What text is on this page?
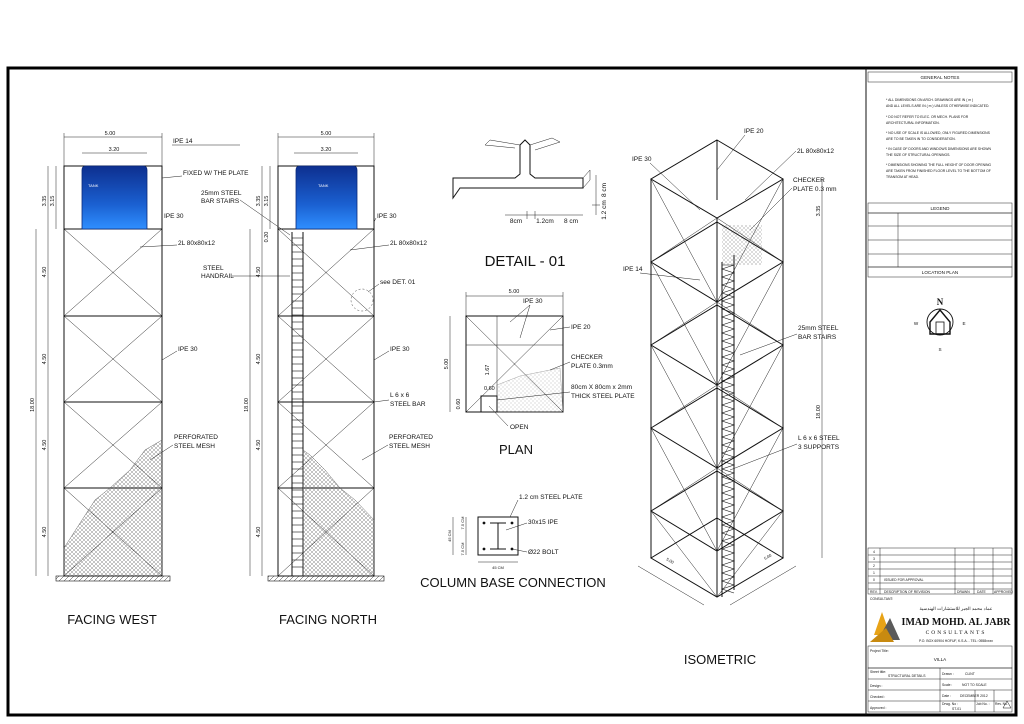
5.00
3.20
TANK
3.35 3.15
4.50
4.50
4.50
4.50
18.00
IPE 14
FIXED W/ THE PLATE
IPE 30
2L 80x80x12
IPE 30
PERFORATED
STEEL MESH
FACING WEST
5.00
3.20
TANK
3.35 3.15
0.20
4.50
4.50
4.50
4.50
18.00
25mm STEEL
BAR STAIRS
STEEL
HANDRAIL
IPE 30
2L 80x80x12
see DET. 01
IPE 30
L 6 x 6
STEEL BAR
PERFORATED
STEEL MESH
FACING NORTH
8cm 1.2cm 8 cm
1.2 cm
8 cm
DETAIL - 01
5.00
5.00
1.67
0.60
0.60
IPE 30
IPE 20
CHECKER
PLATE 0.3mm
80cm X 80cm x 2mm
THICK STEEL PLATE
OPEN
PLAN
7.5 CM
7.5 CM
45 CM
45 CM
1.2 cm STEEL PLATE
30x15 IPE
Ø22 BOLT
COLUMN BASE CONNECTION
IPE 20
IPE 30
2L 80x80x12
CHECKER
PLATE 0.3 mm
IPE 14
25mm STEEL
BAR STAIRS
L 6 x 6 STEEL
3 SUPPORTS
3.35
18.00
5.00	5.00
ISOMETRIC
GENERAL NOTES
* ALL DIMENSIONS ON ARCH. DRAWINGS ARE IN ( m )
AND ALL LEVELS ARE IN ( m ) UNLESS OTHERWISE INDICATED.
* DO NOT REFER TO ELEC. OR MECH. PLANS FOR
ARCHITECTURAL INFORMATION.
* NO USE OF SCALE IS ALLOWED, ONLY FIGURED DIMENSIONS
ARE TO BE TAKEN IN TO CONSIDERATION.
* IN CASE OF DOORS AND WINDOWS DIMENSIONS ARE SHOWN
THE SIZE OF STRUCTURAL OPENINGS.
* DIMENSIONS SHOWING THE FULL HEIGHT OF DOOR OPENING
ARE TAKEN FROM FINISHED FLOOR LEVEL TO THE BOTTOM OF
TRANSOM AT HEAD.
LEGEND
LOCATION PLAN
N
S
E
W
4
3
2
1
0	ISSUED FOR APPROVAL
REV. DESCRIPTION OF REVISION	DRAWN DATE APPROVED
CONSULTANT:
عماد محمد الجبر للاستشارات الهندسية
IMAD MOHD. AL JABR
CONSULTANTS
P.O. BOX 60904 HOFUF, K.S.A. - TEL: 0558xxxx
Project Title:
VILLA
Sheet title:
STRUCTURAL DETAILS	Drawn :	CLINT
Scale :	NOT TO SCALE
Design :
Date :	DECEMBER 2012
Checked :
Drwg. No :
ST-01
Job No. : Rev. No.
Approved :
